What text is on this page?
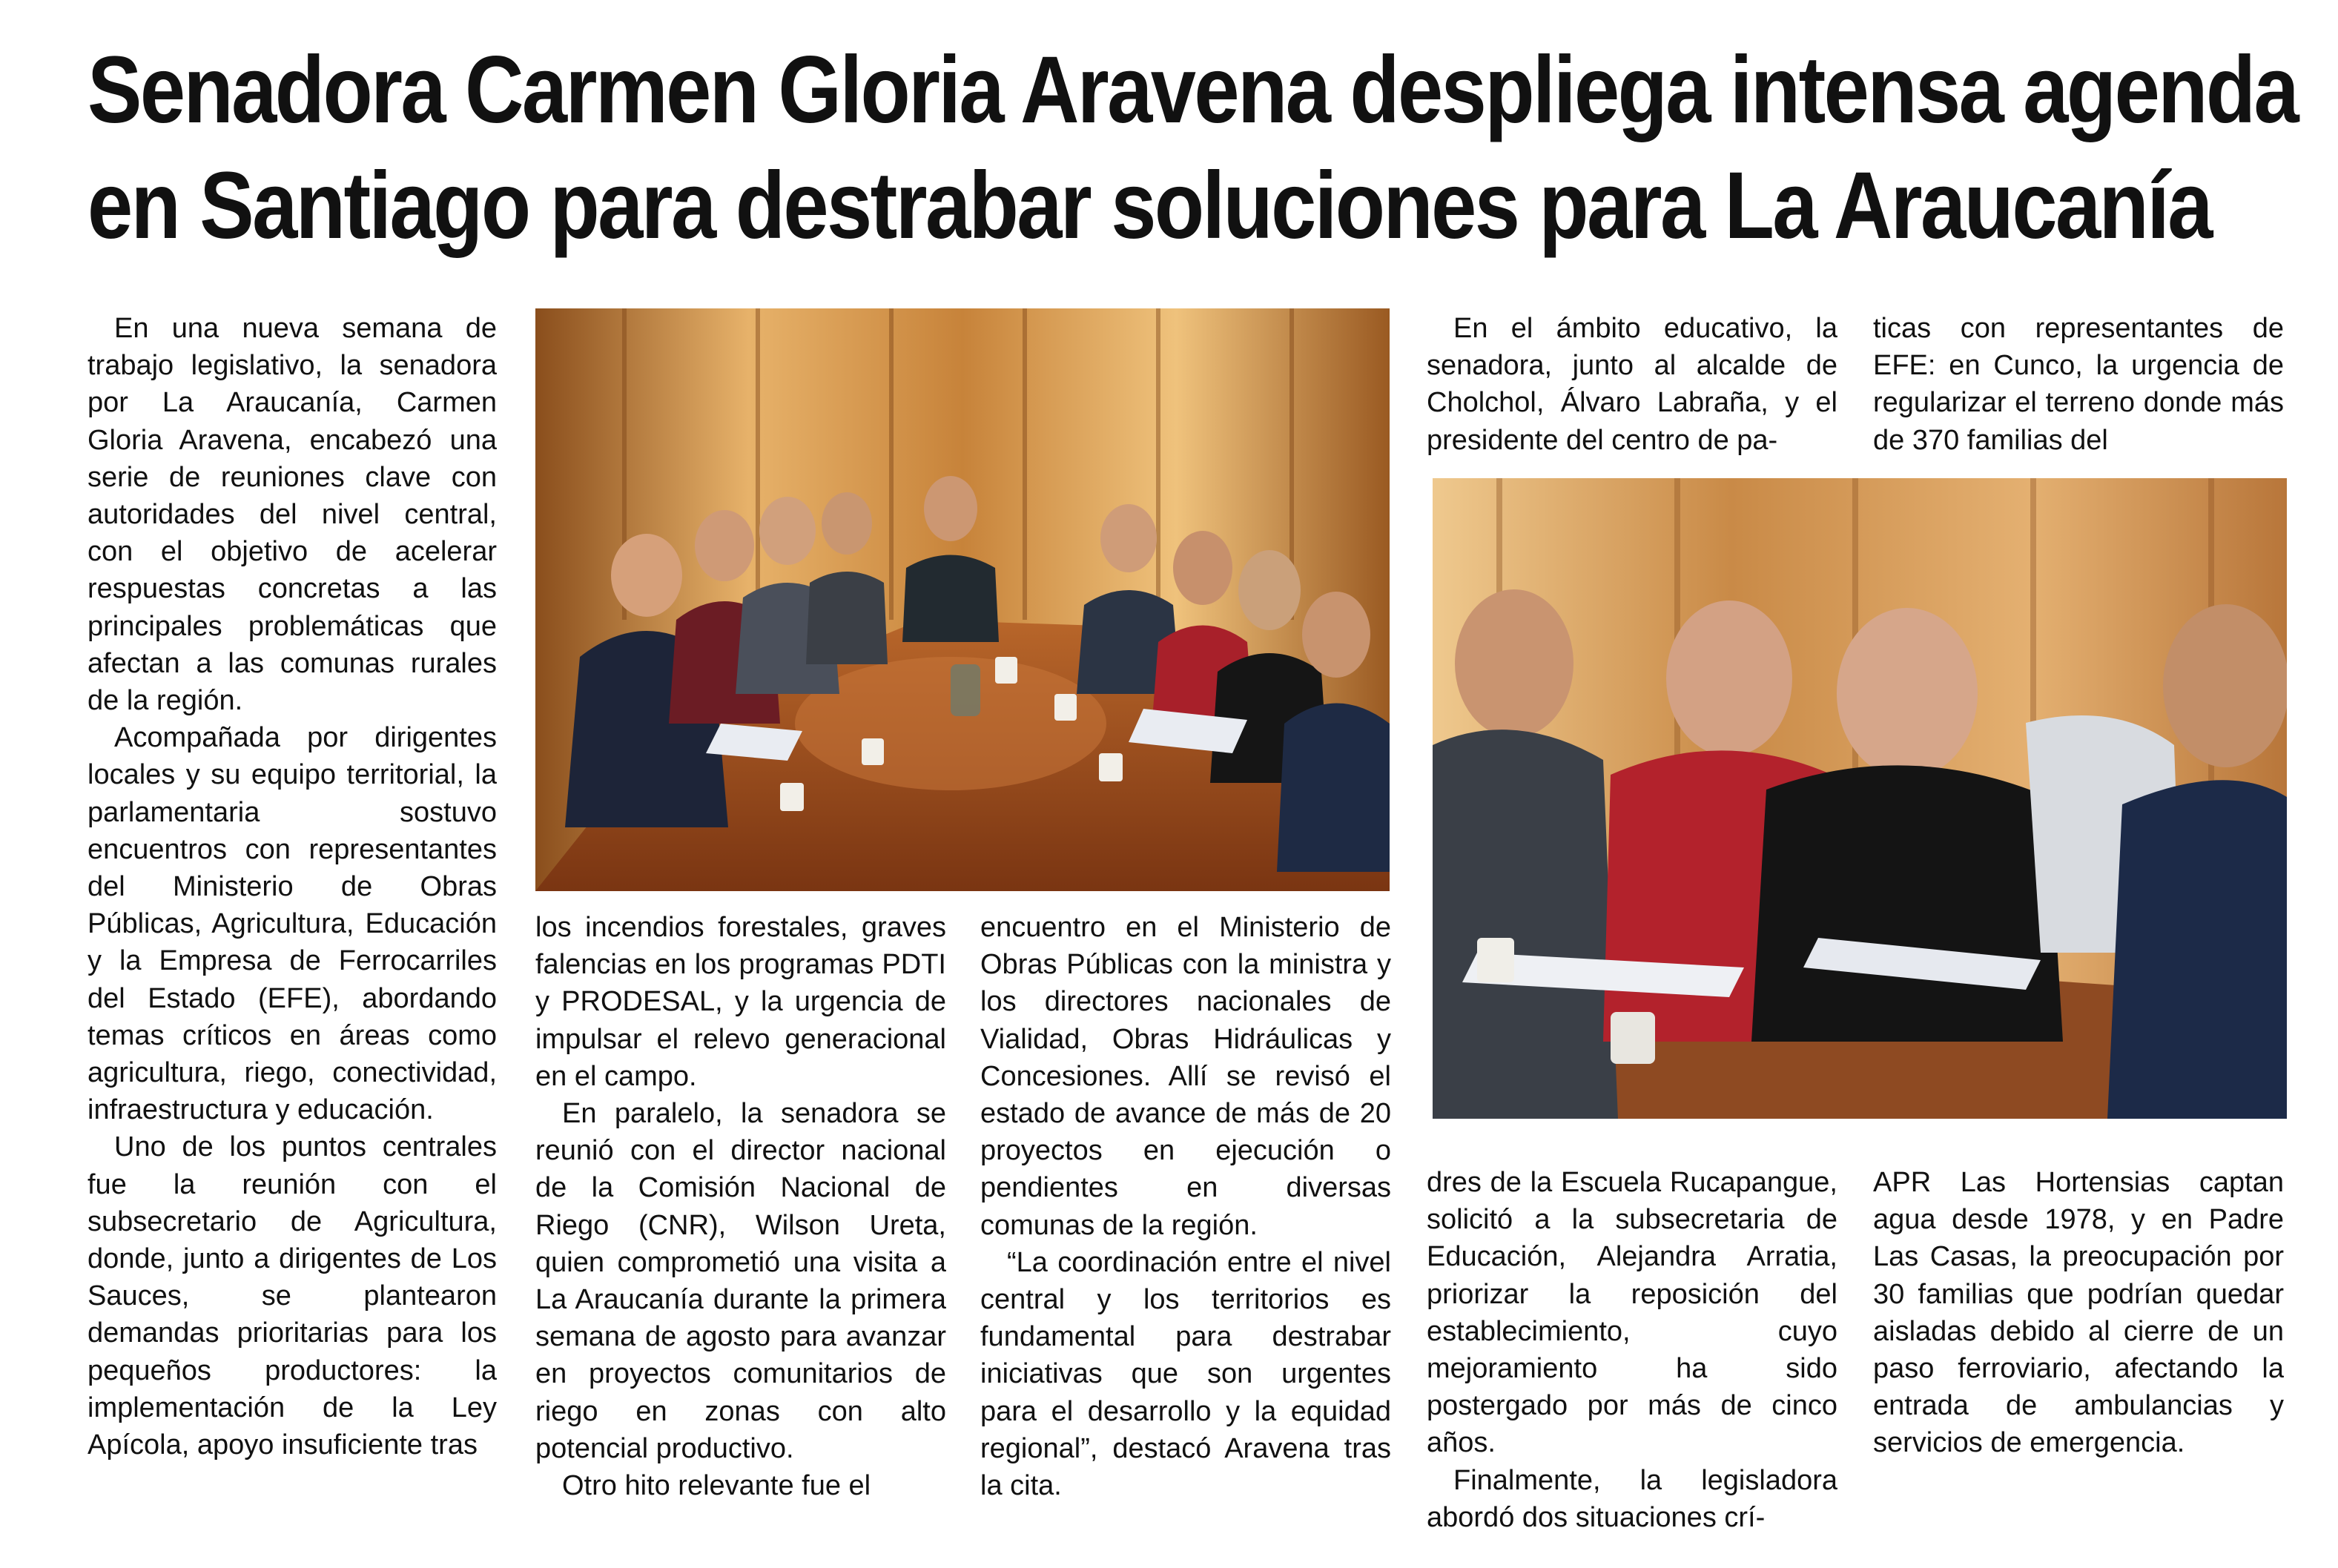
Senadora Carmen Gloria Aravena despliega intensa agenda
en Santiago para destrabar soluciones para La Araucanía

En una nueva semana de trabajo legislativo, la senadora por La Araucanía, Carmen Gloria Aravena, encabezó una serie de reuniones clave con autoridades del nivel central, con el objetivo de acelerar respuestas concretas a las principales problemáticas que afectan a las comunas rurales de la región.

Acompañada por dirigentes locales y su equipo territorial, la parlamentaria sostuvo encuentros con representantes del Ministerio de Obras Públicas, Agricultura, Educación y la Empresa de Ferrocarriles del Estado (EFE), abordando temas críticos en áreas como agricultura, riego, conectividad, infraestructura y educación.

Uno de los puntos centrales fue la reunión con el subsecretario de Agricultura, donde, junto a dirigentes de Los Sauces, se plantearon demandas prioritarias para los pequeños productores: la implementación de la Ley Apícola, apoyo insuficiente tras

los incendios forestales, graves falencias en los programas PDTI y PRODESAL, y la urgencia de impulsar el relevo generacional en el campo.

En paralelo, la senadora se reunió con el director nacional de la Comisión Nacional de Riego (CNR), Wilson Ureta, quien comprometió una visita a La Araucanía durante la primera semana de agosto para avanzar en proyectos comunitarios de riego en zonas con alto potencial productivo.

Otro hito relevante fue el

encuentro en el Ministerio de Obras Públicas con la ministra y los directores nacionales de Vialidad, Obras Hidráulicas y Concesiones. Allí se revisó el estado de avance de más de 20 proyectos en ejecución o pendientes en diversas comunas de la región.

“La coordinación entre el nivel central y los territorios es fundamental para destrabar iniciativas que son urgentes para el desarrollo y la equidad regional”, destacó Aravena tras la cita.

En el ámbito educativo, la senadora, junto al alcalde de Cholchol, Álvaro Labraña, y el presidente del centro de pa-

ticas con representantes de EFE: en Cunco, la urgencia de regularizar el terreno donde más de 370 familias del

dres de la Escuela Rucapangue, solicitó a la subsecretaria de Educación, Alejandra Arratia, priorizar la reposición del establecimiento, cuyo mejoramiento ha sido postergado por más de cinco años.

Finalmente, la legisladora abordó dos situaciones crí-

APR Las Hortensias captan agua desde 1978, y en Padre Las Casas, la preocupación por 30 familias que podrían quedar aisladas debido al cierre de un paso ferroviario, afectando la entrada de ambulancias y servicios de emergencia.
